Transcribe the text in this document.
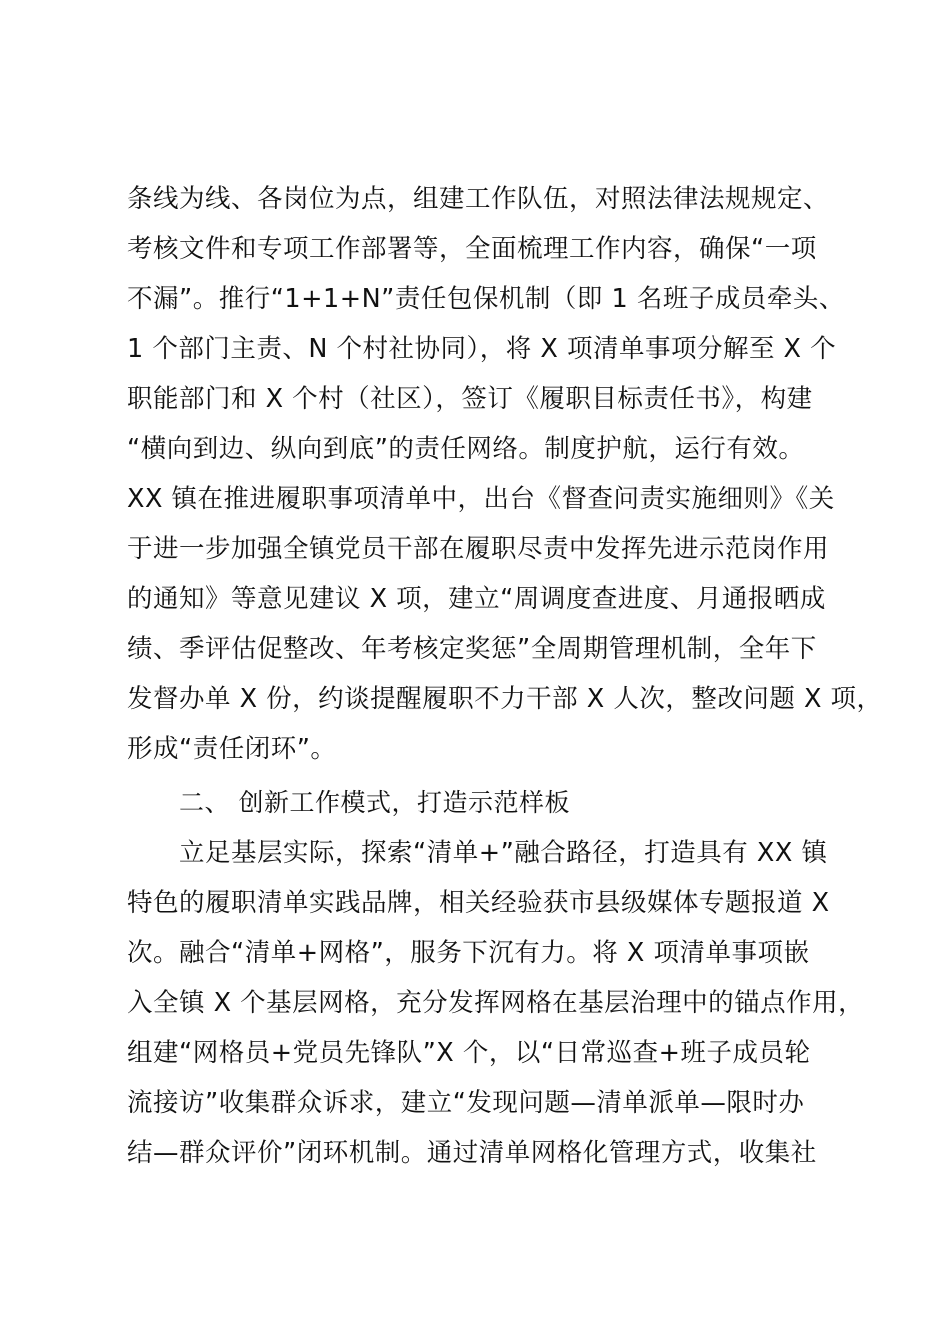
条线为线、各岗位为点，组建工作队伍，对照法律法规规定、
考核文件和专项工作部署等，全面梳理工作内容，确保“一项
不漏”。推行“1+1+N”责任包保机制（即 1 名班子成员牵头、
1 个部门主责、N 个村社协同），将 X 项清单事项分解至 X 个
职能部门和 X 个村（社区），签订《履职目标责任书》，构建
“横向到边、纵向到底”的责任网络。制度护航，运行有效。
XX 镇在推进履职事项清单中，出台《督查问责实施细则》《关
于进一步加强全镇党员干部在履职尽责中发挥先进示范岗作用
的通知》等意见建议 X 项，建立“周调度查进度、月通报晒成
绩、季评估促整改、年考核定奖惩”全周期管理机制，全年下
发督办单 X 份，约谈提醒履职不力干部 X 人次，整改问题 X 项，
形成“责任闭环”。
二、 创新工作模式，打造示范样板
立足基层实际，探索“清单+”融合路径，打造具有 XX 镇
特色的履职清单实践品牌，相关经验获市县级媒体专题报道 X
次。融合“清单+网格”，服务下沉有力。将 X 项清单事项嵌
入全镇 X 个基层网格，充分发挥网格在基层治理中的锚点作用，
组建“网格员+党员先锋队”X 个，以“日常巡查+班子成员轮
流接访”收集群众诉求，建立“发现问题—清单派单—限时办
结—群众评价”闭环机制。通过清单网格化管理方式，收集社
